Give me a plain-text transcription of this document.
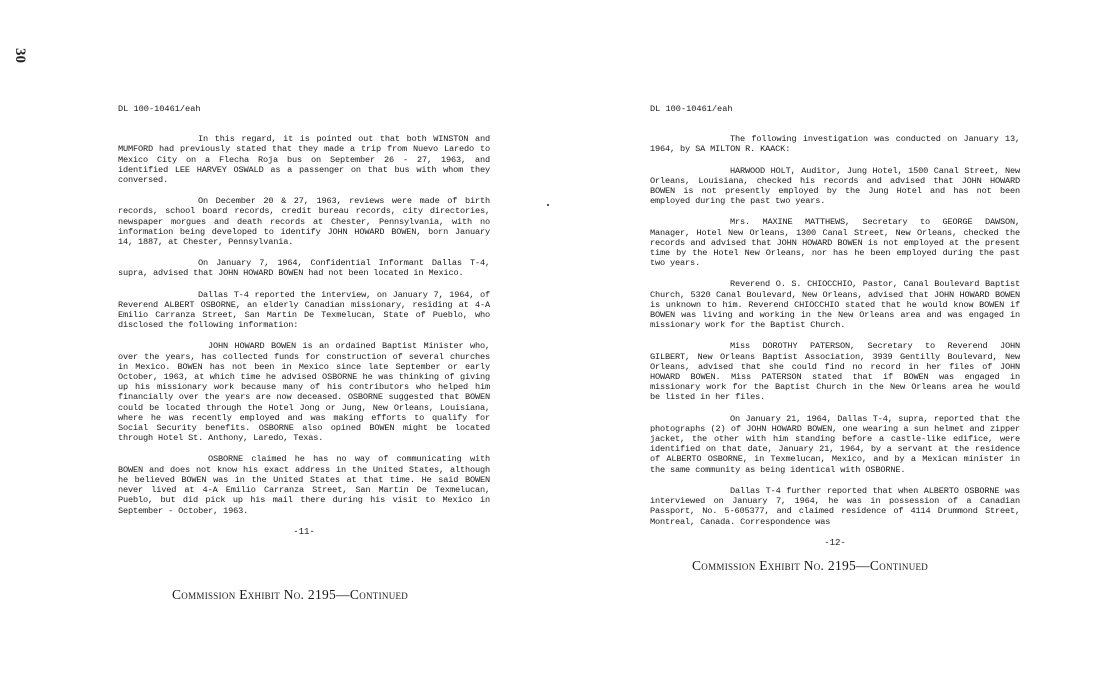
30
DL 100-10461/eah

In this regard, it is pointed out that both WINSTON and MUMFORD had previously stated that they made a trip from Nuevo Laredo to Mexico City on a Flecha Roja bus on September 26 - 27, 1963, and identified LEE HARVEY OSWALD as a passenger on that bus with whom they conversed.

On December 20 & 27, 1963, reviews were made of birth records, school board records, credit bureau records, city directories, newspaper morgues and death records at Chester, Pennsylvania, with no information being developed to identify JOHN HOWARD BOWEN, born January 14, 1887, at Chester, Pennsylvania.

On January 7, 1964, Confidential Informant Dallas T-4, supra, advised that JOHN HOWARD BOWEN had not been located in Mexico.

Dallas T-4 reported the interview, on January 7, 1964, of Reverend ALBERT OSBORNE, an elderly Canadian missionary, residing at 4-A Emilio Carranza Street, San Martin De Texmelucan, State of Pueblo, who disclosed the following information:

JOHN HOWARD BOWEN is an ordained Baptist Minister who, over the years, has collected funds for construction of several churches in Mexico. BOWEN has not been in Mexico since late September or early October, 1963, at which time he advised OSBORNE he was thinking of giving up his missionary work because many of his contributors who helped him financially over the years are now deceased. OSBORNE suggested that BOWEN could be located through the Hotel Jong or Jung, New Orleans, Louisiana, where he was recently employed and was making efforts to qualify for Social Security benefits. OSBORNE also opined BOWEN might be located through Hotel St. Anthony, Laredo, Texas.

OSBORNE claimed he has no way of communicating with BOWEN and does not know his exact address in the United States, although he believed BOWEN was in the United States at that time. He said BOWEN never lived at 4-A Emilio Carranza Street, San Martin De Texmelucan, Pueblo, but did pick up his mail there during his visit to Mexico in September - October, 1963.

-11-
DL 100-10461/eah

The following investigation was conducted on January 13, 1964, by SA MILTON R. KAACK:

HARWOOD HOLT, Auditor, Jung Hotel, 1500 Canal Street, New Orleans, Louisiana, checked his records and advised that JOHN HOWARD BOWEN is not presently employed by the Jung Hotel and has not been employed during the past two years.

Mrs. MAXINE MATTHEWS, Secretary to GEORGE DAWSON, Manager, Hotel New Orleans, 1300 Canal Street, New Orleans, checked the records and advised that JOHN HOWARD BOWEN is not employed at the present time by the Hotel New Orleans, nor has he been employed during the past two years.

Reverend O. S. CHIOCCHIO, Pastor, Canal Boulevard Baptist Church, 5320 Canal Boulevard, New Orleans, advised that JOHN HOWARD BOWEN is unknown to him. Reverend CHIOCCHIO stated that he would know BOWEN if BOWEN was living and working in the New Orleans area and was engaged in missionary work for the Baptist Church.

Miss DOROTHY PATERSON, Secretary to Reverend JOHN GILBERT, New Orleans Baptist Association, 3939 Gentilly Boulevard, New Orleans, advised that she could find no record in her files of JOHN HOWARD BOWEN. Miss PATERSON stated that if BOWEN was engaged in missionary work for the Baptist Church in the New Orleans area he would be listed in her files.

On January 21, 1964, Dallas T-4, supra, reported that the photographs (2) of JOHN HOWARD BOWEN, one wearing a sun helmet and zipper jacket, the other with him standing before a castle-like edifice, were identified on that date, January 21, 1964, by a servant at the residence of ALBERTO OSBORNE, in Texmelucan, Mexico, and by a Mexican minister in the same community as being identical with OSBORNE.

Dallas T-4 further reported that when ALBERTO OSBORNE was interviewed on January 7, 1964, he was in possession of a Canadian Passport, No. 5-605377, and claimed residence of 4114 Drummond Street, Montreal, Canada. Correspondence was

-12-
Commission Exhibit No. 2195—Continued
Commission Exhibit No. 2195—Continued
